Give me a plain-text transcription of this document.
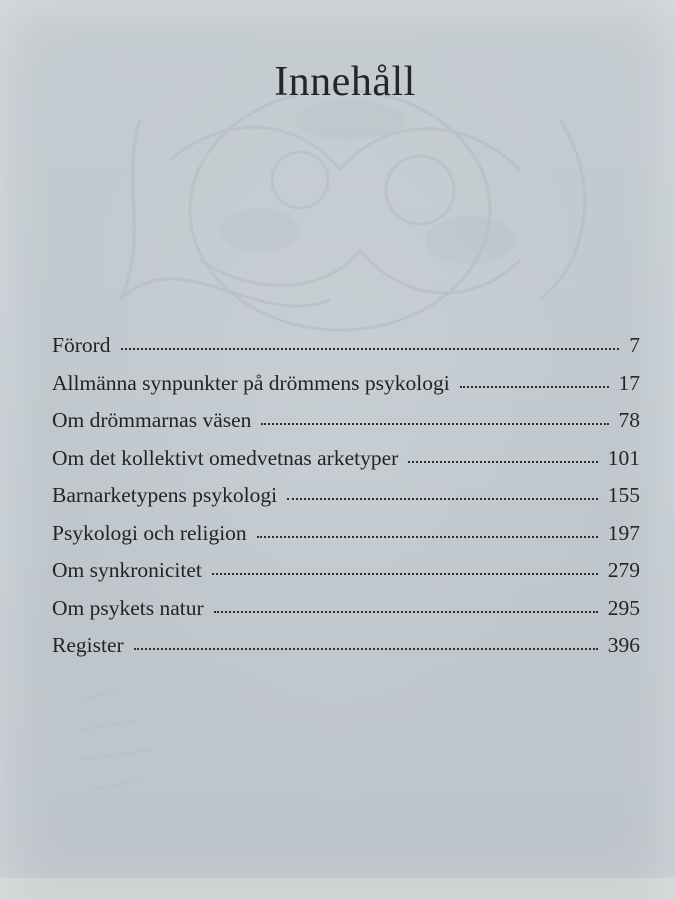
Innehåll
Förord	7
Allmänna synpunkter på drömmens psykologi	17
Om drömmarnas väsen	78
Om det kollektivt omedvetnas arketyper	101
Barnarketypens psykologi	155
Psykologi och religion	197
Om synkronicitet	279
Om psykets natur	295
Register	396
